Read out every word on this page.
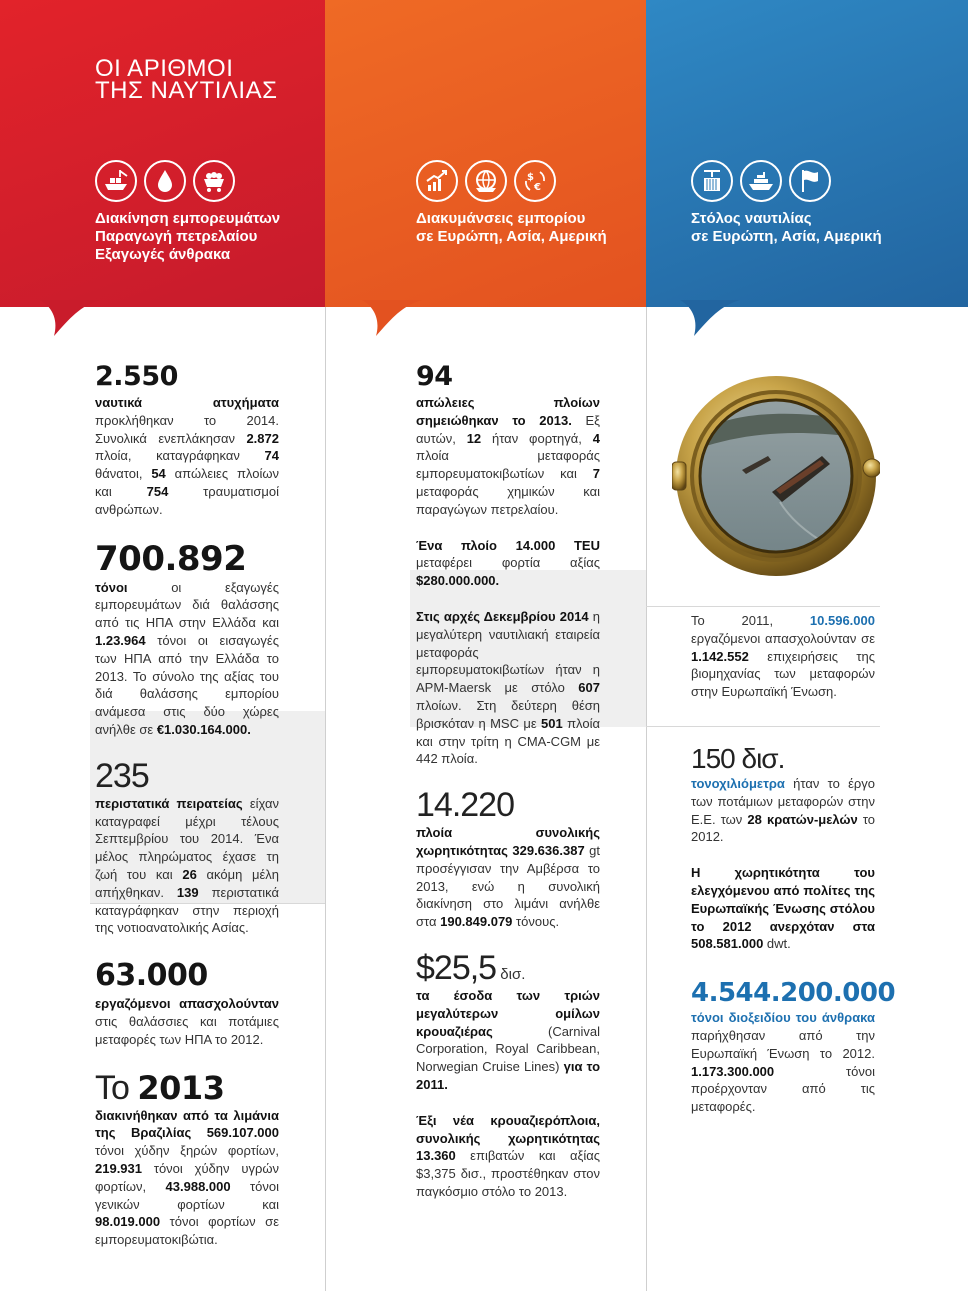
ΟΙ ΑΡΙΘΜΟΙ
ΤΗΣ ΝΑΥΤΙΛΙΑΣ
$
€
Διακίνηση εμπορευμάτων
Παραγωγή πετρελαίου
Εξαγωγές άνθρακα
Διακυμάνσεις εμπορίου
σε Ευρώπη, Ασία, Αμερική
Στόλος ναυτιλίας
σε Ευρώπη, Ασία, Αμερική
2.550
ναυτικά ατυχήματα προκλήθηκαν το 2014. Συνολικά ενεπλάκησαν 2.872 πλοία, καταγράφηκαν 74 θάνατοι, 54 απώλειες πλοίων και 754 τραυματισμοί ανθρώπων.
700.892
τόνοι οι εξαγωγές εμπορευμάτων διά θαλάσσης από τις ΗΠΑ στην Ελλάδα και 1.23.964 τόνοι οι εισαγωγές των ΗΠΑ από την Ελλάδα το 2013. Το σύνολο της αξίας του διά θαλάσσης εμπορίου ανάμεσα στις δύο χώρες ανήλθε σε €1.030.164.000.
235
περιστατικά πειρατείας είχαν καταγραφεί μέχρι τέλους Σεπτεμβρίου του 2014. Ένα μέλος πληρώματος έχασε τη ζωή του και 26 ακόμη μέλη απήχθηκαν. 139 περιστατικά καταγράφηκαν στην περιοχή της νοτιοανατολικής Ασίας.
63.000
εργαζόμενοι απασχολούνταν στις θαλάσσιες και ποτάμιες μεταφορές των ΗΠΑ το 2012.
Το 2013
διακινήθηκαν από τα λιμάνια της Βραζιλίας 569.107.000 τόνοι χύδην ξηρών φορτίων, 219.931 τόνοι χύδην υγρών φορτίων, 43.988.000 τόνοι γενικών φορτίων και 98.019.000 τόνοι φορτίων σε εμπορευματοκιβώτια.
94
απώλειες πλοίων σημειώθηκαν το 2013. Εξ αυτών, 12 ήταν φορτηγά, 4 πλοία μεταφοράς εμπορευματοκιβωτίων και 7 μεταφοράς χημικών και παραγώγων πετρελαίου.
Ένα πλοίο 14.000 TEU μεταφέρει φορτία αξίας $280.000.000.
Στις αρχές Δεκεμβρίου 2014 η μεγαλύτερη ναυτιλιακή εταιρεία μεταφοράς εμπορευματοκιβωτίων ήταν η APM-Maersk με στόλο 607 πλοίων. Στη δεύτερη θέση βρισκόταν η MSC με 501 πλοία και στην τρίτη η CMA-CGM με 442 πλοία.
14.220
πλοία συνολικής χωρητικότητας 329.636.387 gt προσέγγισαν την Αμβέρσα το 2013, ενώ η συνολική διακίνηση στο λιμάνι ανήλθε στα 190.849.079 τόνους.
$25,5 δισ.
τα έσοδα των τριών μεγαλύτερων ομίλων κρουαζιέρας (Carnival Corporation, Royal Caribbean, Norwegian Cruise Lines) για το 2011.
Έξι νέα κρουαζιερόπλοια, συνολικής χωρητικότητας 13.360 επιβατών και αξίας $3,375 δισ., προστέθηκαν στον παγκόσμιο στόλο το 2013.
Το 2011, 10.596.000 εργαζόμενοι απασχολούνταν σε 1.142.552 επιχειρήσεις της βιομηχανίας των μεταφορών στην Ευρωπαϊκή Ένωση.
150 δισ.
τονοχιλιόμετρα ήταν το έργο των ποτάμιων μεταφορών στην Ε.Ε. των 28 κρατών-μελών το 2012.
Η χωρητικότητα του ελεγχόμενου από πολίτες της Ευρωπαϊκής Ένωσης στόλου το 2012 ανερχόταν στα 508.581.000 dwt.
4.544.200.000
τόνοι διοξειδίου του άνθρακα παρήχθησαν από την Ευρωπαϊκή Ένωση το 2012. 1.173.300.000 τόνοι προέρχονταν από τις μεταφορές.
